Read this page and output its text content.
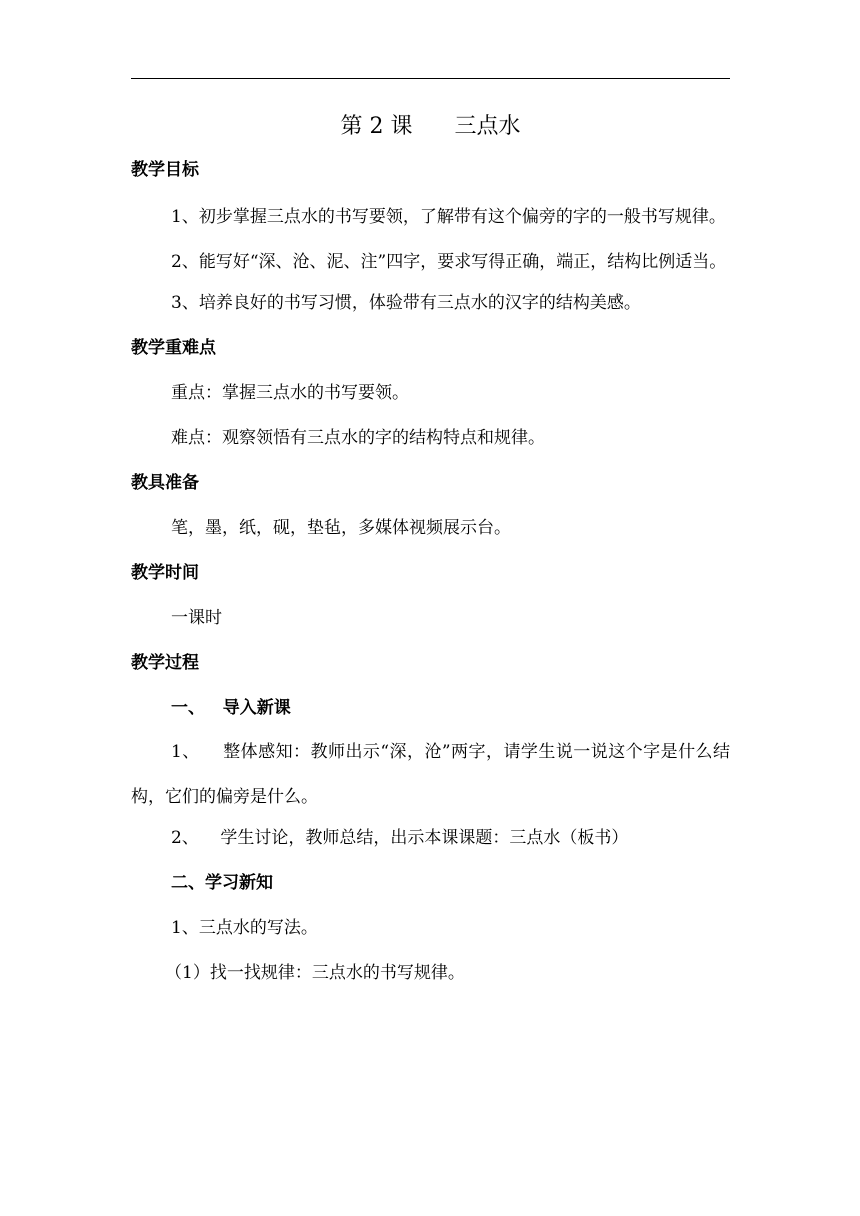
第 2 课      三点水
教学目标

1、初步掌握三点水的书写要领，了解带有这个偏旁的字的一般书写规律。

2、能写好“深、沧、泥、注”四字，要求写得正确，端正，结构比例适当。

3、培养良好的书写习惯，体验带有三点水的汉字的结构美感。

教学重难点

重点：掌握三点水的书写要领。

难点：观察领悟有三点水的字的结构特点和规律。

教具准备

笔，墨，纸，砚，垫毡，多媒体视频展示台。

教学时间

一课时

教学过程
一、   导入新课

1、    整体感知：教师出示“深，沧”两字，请学生说一说这个字是什么结构，它们的偏旁是什么。

2、    学生讨论，教师总结，出示本课课题：三点水（板书）

二、学习新知

1、三点水的写法。

（1）找一找规律：三点水的书写规律。
